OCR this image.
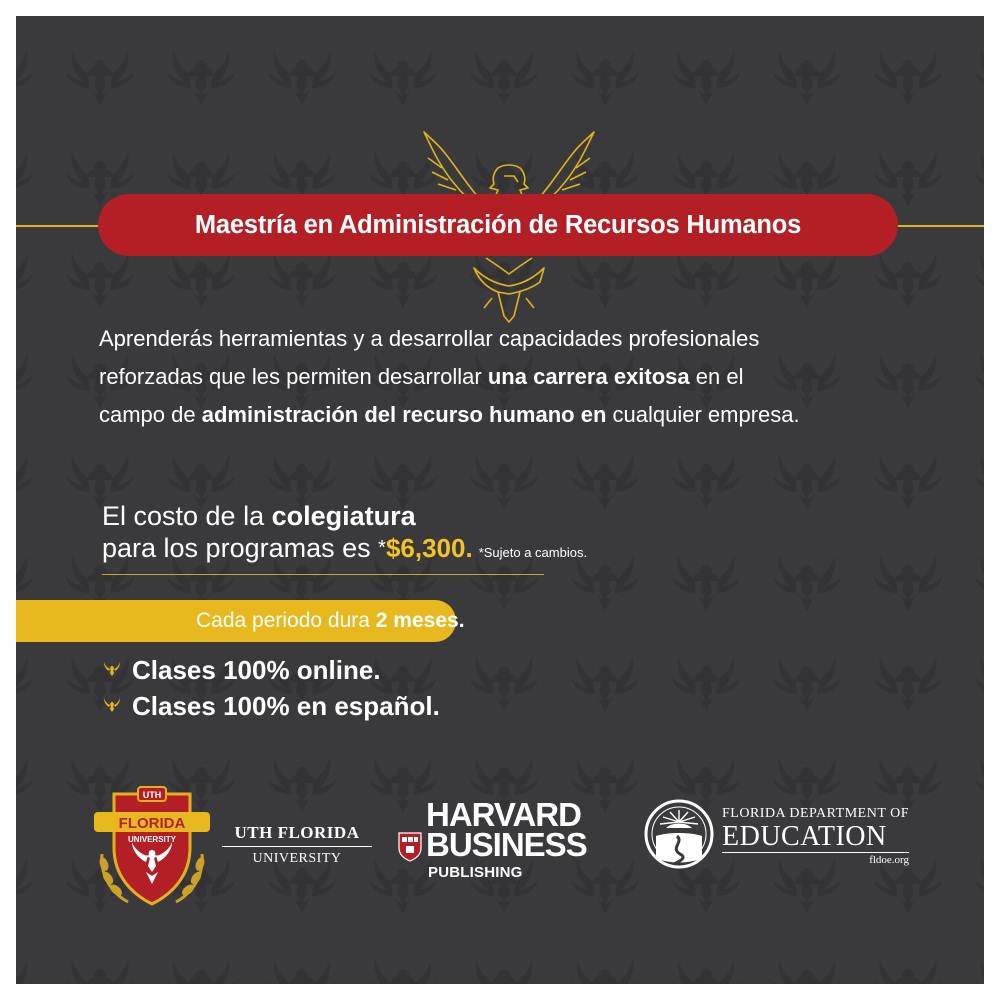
Maestría en Administración de Recursos Humanos

Aprenderás herramientas y a desarrollar capacidades profesionales

reforzadas que les permiten desarrollar una carrera exitosa en el

campo de administración del recurso humano en cualquier empresa.

El costo de la colegiatura
para los programas es *$6,300. *Sujeto a cambios.
Cada periodo dura 2 meses.
Clases 100% online.
Clases 100% en español.
UTH
FLORIDA
UNIVERSITY	UTH FLORIDA
UNIVERSITY
VERITAS
HARVARD
BUSINESS
PUBLISHING
FLORIDA DEPARTMENT OF
EDUCATION
fldoe.org
